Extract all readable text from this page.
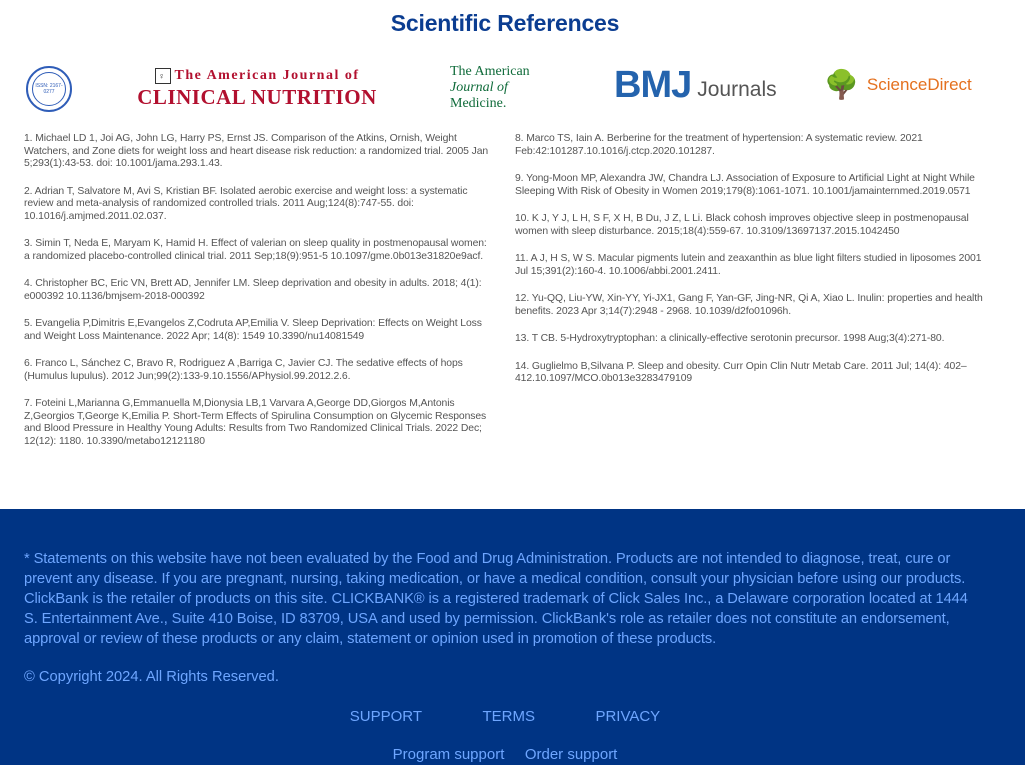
Scientific References
ISSN: 2167-0277
♀ The American Journal of
CLINICAL NUTRITION
The American
Journal of
Medicine.	BMJ Journals 🌳 ScienceDirect

1. Michael LD 1, Joi AG, John LG, Harry PS, Ernst JS. Comparison of the Atkins, Ornish, Weight Watchers, and Zone diets for weight loss and heart disease risk reduction: a randomized trial. 2005 Jan 5;293(1):43-53. doi: 10.1001/jama.293.1.43.

2. Adrian T, Salvatore M, Avi S, Kristian BF. Isolated aerobic exercise and weight loss: a systematic review and meta-analysis of randomized controlled trials. 2011 Aug;124(8):747-55. doi: 10.1016/j.amjmed.2011.02.037.

3. Simin T, Neda E, Maryam K, Hamid H. Effect of valerian on sleep quality in postmenopausal women: a randomized placebo-controlled clinical trial. 2011 Sep;18(9):951-5 10.1097/gme.0b013e31820e9acf.

4. Christopher BC, Eric VN, Brett AD, Jennifer LM. Sleep deprivation and obesity in adults. 2018; 4(1): e000392 10.1136/bmjsem-2018-000392

5. Evangelia P,Dimitris E,Evangelos Z,Codruta AP,Emilia V. Sleep Deprivation: Effects on Weight Loss and Weight Loss Maintenance. 2022 Apr; 14(8): 1549 10.3390/nu14081549

6. Franco L, Sánchez C, Bravo R, Rodriguez A ,Barriga C, Javier CJ. The sedative effects of hops (Humulus lupulus). 2012 Jun;99(2):133-9.10.1556/APhysiol.99.2012.2.6.

7. Foteini L,Marianna G,Emmanuella M,Dionysia LB,1 Varvara A,George DD,Giorgos M,Antonis Z,Georgios T,George K,Emilia P. Short-Term Effects of Spirulina Consumption on Glycemic Responses and Blood Pressure in Healthy Young Adults: Results from Two Randomized Clinical Trials. 2022 Dec; 12(12): 1180. 10.3390/metabo12121180

8. Marco TS, Iain A. Berberine for the treatment of hypertension: A systematic review. 2021 Feb:42:101287.10.1016/j.ctcp.2020.101287.

9. Yong-Moon MP, Alexandra JW, Chandra LJ. Association of Exposure to Artificial Light at Night While Sleeping With Risk of Obesity in Women 2019;179(8):1061-1071. 10.1001/jamainternmed.2019.0571

10. K J, Y J, L H, S F, X H, B Du, J Z, L Li. Black cohosh improves objective sleep in postmenopausal women with sleep disturbance. 2015;18(4):559-67. 10.3109/13697137.2015.1042450

11. A J, H S, W S. Macular pigments lutein and zeaxanthin as blue light filters studied in liposomes 2001 Jul 15;391(2):160-4. 10.1006/abbi.2001.2411.

12. Yu-QQ, Liu-YW, Xin-YY, Yi-JX1, Gang F, Yan-GF, Jing-NR, Qi A, Xiao L. Inulin: properties and health benefits. 2023 Apr 3;14(7):2948 - 2968. 10.1039/d2fo01096h.

13. T CB. 5-Hydroxytryptophan: a clinically-effective serotonin precursor. 1998 Aug;3(4):271-80.

14. Guglielmo B,Silvana P. Sleep and obesity. Curr Opin Clin Nutr Metab Care. 2011 Jul; 14(4): 402–412.10.1097/MCO.0b013e3283479109

* Statements on this website have not been evaluated by the Food and Drug Administration. Products are not intended to diagnose, treat, cure or prevent any disease. If you are pregnant, nursing, taking medication, or have a medical condition, consult your physician before using our products. ClickBank is the retailer of products on this site. CLICKBANK® is a registered trademark of Click Sales Inc., a Delaware corporation located at 1444 S. Entertainment Ave., Suite 410 Boise, ID 83709, USA and used by permission. ClickBank's role as retailer does not constitute an endorsement, approval or review of these products or any claim, statement or opinion used in promotion of these products.
© Copyright 2024. All Rights Reserved.
SUPPORT	TERMS	PRIVACY
Program support Order support
